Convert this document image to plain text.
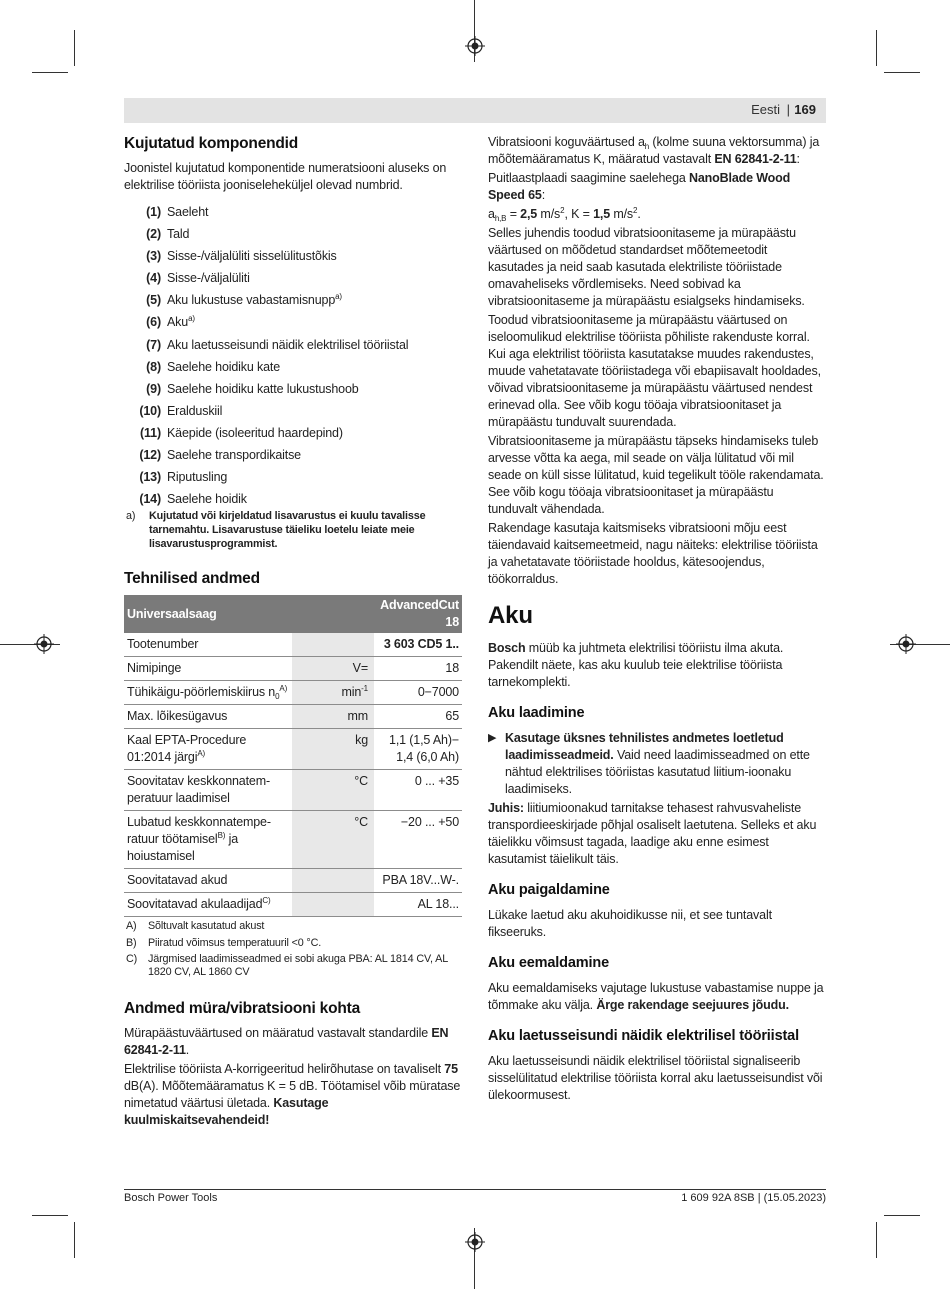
Eesti | 169
Kujutatud komponendid

Joonistel kujutatud komponentide numeratsiooni aluseks on elektrilise tööriista jooniseleheküljel olevad numbrid.

(1) Saeleht
(2) Tald
(3) Sisse-/väljalüliti sisselülitustõkis
(4) Sisse-/väljalüliti
(5) Aku lukustuse vabastamisnupp$^{a)}$
(6) Aku$^{a)}$
(7) Aku laetusseisundi näidik elektrilisel tööriistal
(8) Saelehe hoidiku kate
(9) Saelehe hoidiku katte lukustushoob
(10) Eralduskiil
(11) Käepide (isoleeritud haardepind)
(12) Saelehe transpordikaitse
(13) Riputusling
(14) Saelehe hoidik
a) Kujutatud või kirjeldatud lisavarustus ei kuulu tavalisse tarnemahtu. Lisavarustuse täieliku loetelu leiate meie lisavarustusprogrammist.
Tehnilised andmed
Universaalsaag		AdvancedCut 18
Tootenumber		3 603 CD5 1..
Nimipinge	V=	18
Tühikäigu-pöörlemiskiirus $n_0^{A)}$	$\min^{-1}$	0−7000
Max. lõikesügavus	mm	65
Kaal EPTA-Procedure 01:2014 järgi$^{A)}$	kg	1,1 (1,5 Ah)−
1,4 (6,0 Ah)
Soovitatav keskkonnatem-
peratuur laadimisel	°C	0 ... +35
Lubatud keskkonnatempe-
ratuur töötamisel$^{B)}$ ja
hoiustamisel	°C	−20 ... +50
Soovitatavad akud		PBA 18V...W-.
Soovitatavad akulaadijad$^{C)}$		AL 18...
A) Sõltuvalt kasutatud akust
B) Piiratud võimsus temperatuuril <0 °C.
C) Järgmised laadimisseadmed ei sobi akuga PBA: AL 1814 CV, AL 1820 CV, AL 1860 CV
Andmed müra/vibratsiooni kohta

Mürapäästuväärtused on määratud vastavalt standardile EN 62841-2-11.

Elektrilise tööriista A-korrigeeritud helirõhutase on tavaliselt 75 dB(A). Mõõtemääramatus K = 5 dB. Töötamisel võib müratase nimetatud väärtusi ületada. Kasutage kuulmiskaitsevahendeid!

Vibratsiooni koguväärtused $a_h$ (kolme suuna vektorsumma) ja mõõtemääramatus K, määratud vastavalt EN 62841-2-11:

Puitlaastplaadi saagimine saelehega NanoBlade Wood Speed 65:

$a_{h,B} = 2,5$ $m/s^2$, K = 1,5 $m/s^2$.

Selles juhendis toodud vibratsioonitaseme ja mürapäästu väärtused on mõõdetud standardset mõõtemeetodit kasutades ja neid saab kasutada elektriliste tööriistade omavaheliseks võrdlemiseks. Need sobivad ka vibratsioonitaseme ja mürapäästu esialgseks hindamiseks.

Toodud vibratsioonitaseme ja mürapäästu väärtused on iseloomulikud elektrilise tööriista põhiliste rakenduste korral. Kui aga elektrilist tööriista kasutatakse muudes rakendustes, muude vahetatavate tööriistadega või ebapiisavalt hooldades, võivad vibratsioonitaseme ja mürapäästu väärtused nendest erinevad olla. See võib kogu tööaja vibratsioonitaset ja mürapäästu tunduvalt suurendada.

Vibratsioonitaseme ja mürapäästu täpseks hindamiseks tuleb arvesse võtta ka aega, mil seade on välja lülitatud või mil seade on küll sisse lülitatud, kuid tegelikult tööle rakendamata. See võib kogu tööaja vibratsioonitaset ja mürapäästu tunduvalt vähendada.

Rakendage kasutaja kaitsmiseks vibratsiooni mõju eest täiendavaid kaitsemeetmeid, nagu näiteks: elektrilise tööriista ja vahetatavate tööriistade hooldus, kätesoojendus, töökorraldus.

Aku

Bosch müüb ka juhtmeta elektrilisi tööriistu ilma akuta. Pakendilt näete, kas aku kuulub teie elektrilise tööriista tarnekomplekti.

Aku laadimine
▶ Kasutage üksnes tehnilistes andmetes loetletud laadimisseadmeid. Vaid need laadimisseadmed on ette nähtud elektrilises tööriistas kasutatud liitium-ioonaku laadimiseks.

Juhis: liitiumioonakud tarnitakse tehasest rahvusvaheliste transpordieeskirjade põhjal osaliselt laetutena. Selleks et aku täielikku võimsust tagada, laadige aku enne esimest kasutamist täielikult täis.

Aku paigaldamine

Lükake laetud aku akuhoidikusse nii, et see tuntavalt fikseeruks.

Aku eemaldamine

Aku eemaldamiseks vajutage lukustuse vabastamise nuppe ja tõmmake aku välja. Ärge rakendage seejuures jõudu.

Aku laetusseisundi näidik elektrilisel tööriistal

Aku laetusseisundi näidik elektrilisel tööriistal signaliseerib sisselülitatud elektrilise tööriista korral aku laetusseisundist või ülekoormusest.

Bosch Power Tools	1 609 92A 8SB | (15.05.2023)
